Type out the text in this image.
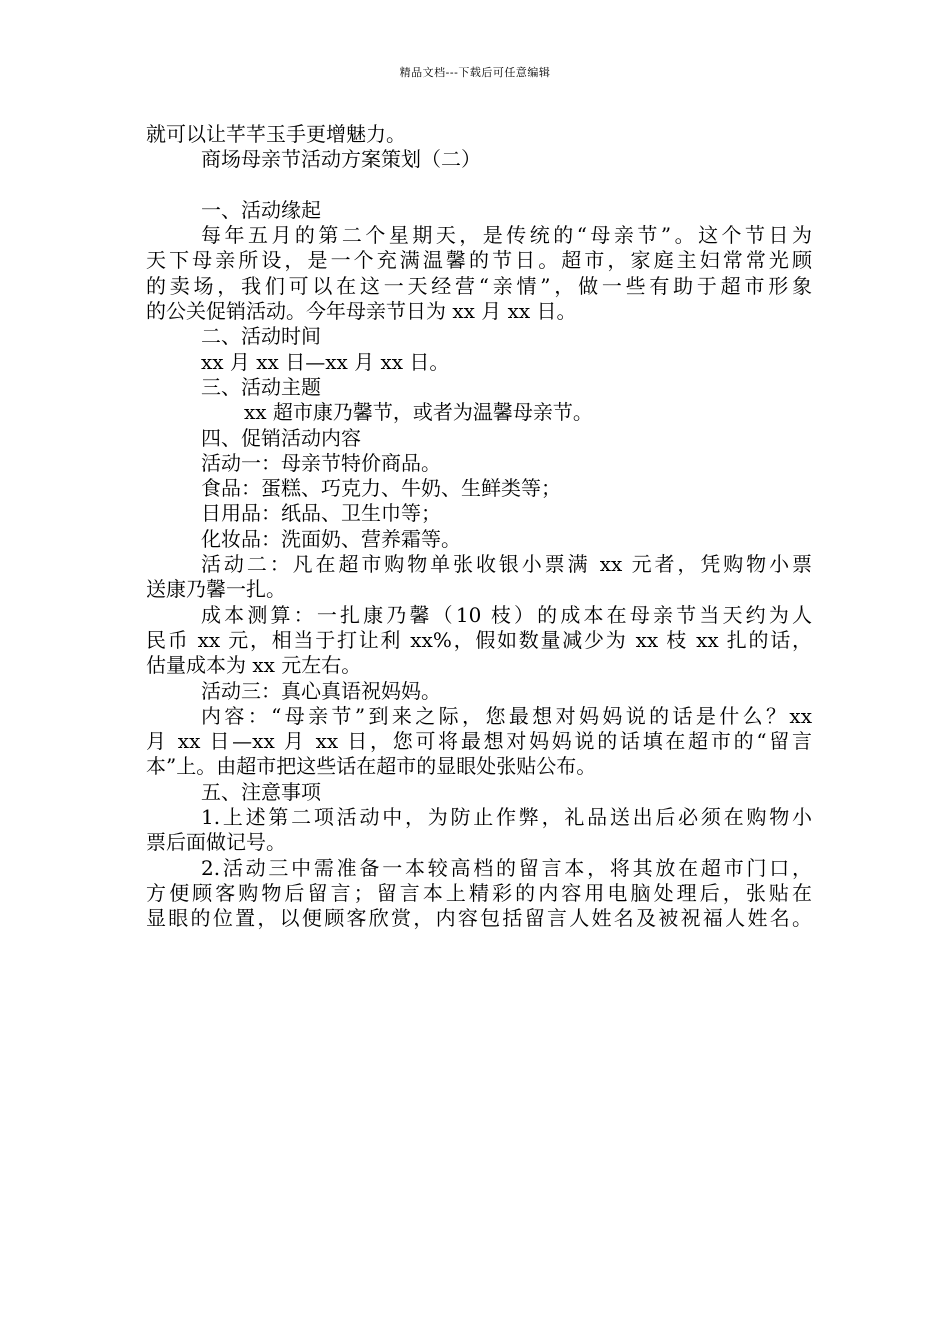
精品文档---下载后可任意编辑
就可以让芊芊玉手更增魅力。
商场母亲节活动方案策划（二）
一、活动缘起
每年五月的第二个星期天，是传统的“母亲节”。这个节日为
天下母亲所设，是一个充满温馨的节日。超市，家庭主妇常常光顾
的卖场，我们可以在这一天经营“亲情”，做一些有助于超市形象
的公关促销活动。今年母亲节日为 xx 月 xx 日。
二、活动时间
xx 月 xx 日—xx 月 xx 日。
三、活动主题
xx 超市康乃馨节，或者为温馨母亲节。
四、促销活动内容
活动一：母亲节特价商品。
食品：蛋糕、巧克力、牛奶、生鲜类等；
日用品：纸品、卫生巾等；
化妆品：洗面奶、营养霜等。
活动二：凡在超市购物单张收银小票满 xx 元者，凭购物小票
送康乃馨一扎。
成本测算：一扎康乃馨（10 枝）的成本在母亲节当天约为人
民币 xx 元，相当于打让利 xx%，假如数量减少为 xx 枝 xx 扎的话，
估量成本为 xx 元左右。
活动三：真心真语祝妈妈。
内容：“母亲节”到来之际，您最想对妈妈说的话是什么？xx
月 xx 日—xx 月 xx 日，您可将最想对妈妈说的话填在超市的“留言
本”上。由超市把这些话在超市的显眼处张贴公布。
五、注意事项
1.上述第二项活动中，为防止作弊，礼品送出后必须在购物小
票后面做记号。
2.活动三中需准备一本较高档的留言本，将其放在超市门口，
方便顾客购物后留言；留言本上精彩的内容用电脑处理后，张贴在
显眼的位置，以便顾客欣赏，内容包括留言人姓名及被祝福人姓名。
